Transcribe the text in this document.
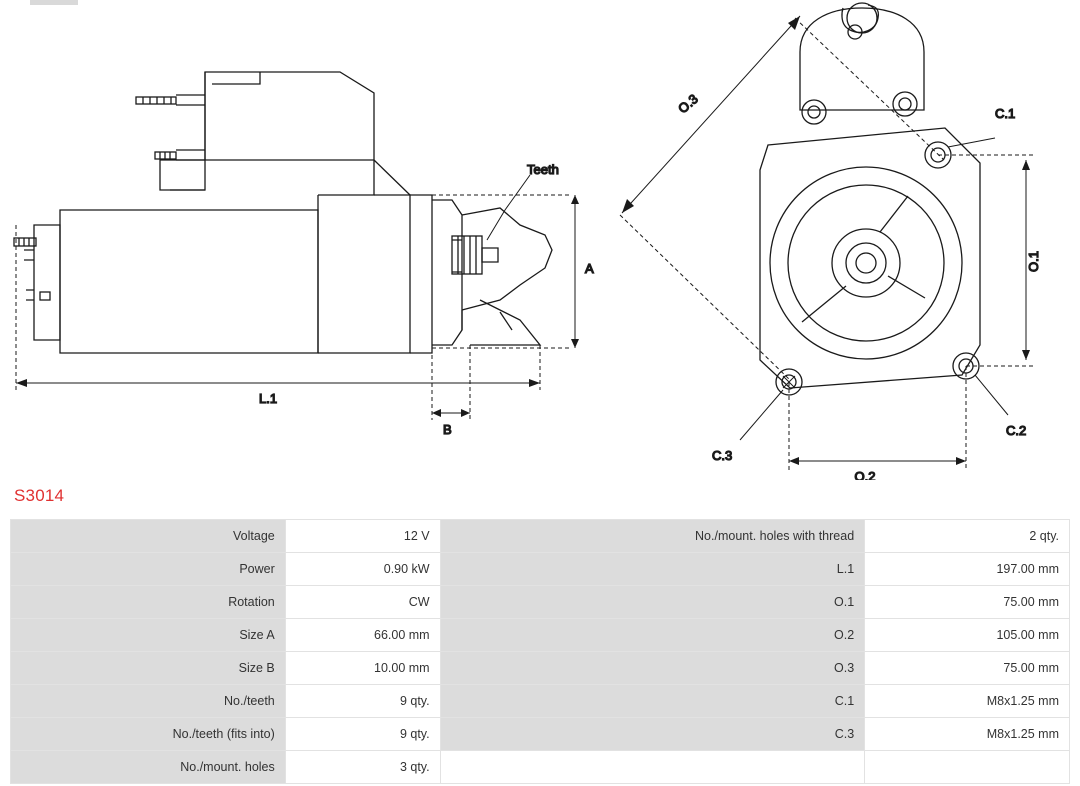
Teeth
A
L.1
B
O.3
O.1
O.2
C.1
C.2
C.3
S3014
Voltage	12 V	No./mount. holes with thread	2 qty.
Power	0.90 kW	L.1	197.00 mm
Rotation	CW	O.1	75.00 mm
Size A	66.00 mm	O.2	105.00 mm
Size B	10.00 mm	O.3	75.00 mm
No./teeth	9 qty.	C.1	M8x1.25 mm
No./teeth (fits into)	9 qty.	C.3	M8x1.25 mm
No./mount. holes	3 qty.		
